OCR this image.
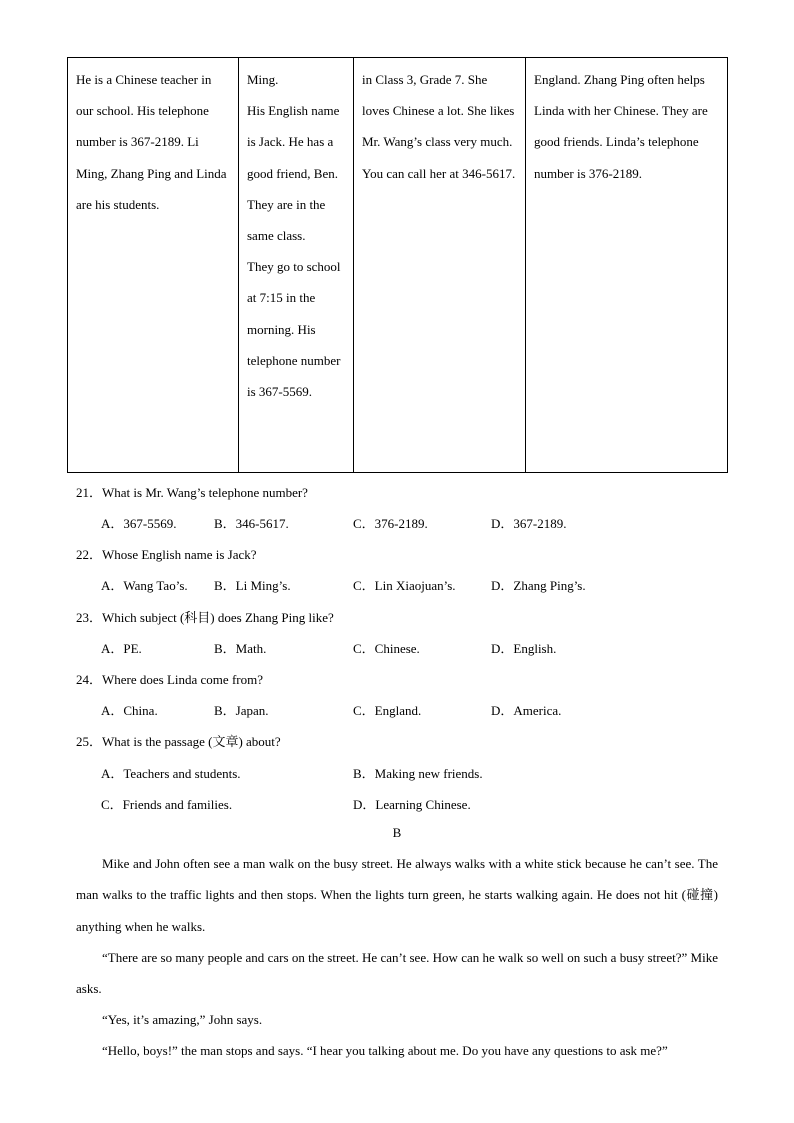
He is a Chinese teacher in our school. His telephone number is 367-2189. Li Ming, Zhang Ping and Linda are his students.

Ming.
His English name is Jack. He has a good friend, Ben. They are in the same class.
They go to school at 7:15 in the morning. His telephone number is 367-5569.

in Class 3, Grade 7. She loves Chinese a lot. She likes Mr. Wang’s class very much. You can call her at 346-5617.

England. Zhang Ping often helps Linda with her Chinese. They are good friends. Linda’s telephone number is 376-2189.
21．What is Mr. Wang’s telephone number?
A．367-5569.	B．346-5617.	C．376-2189.	D．367-2189.
22．Whose English name is Jack?
A．Wang Tao’s. B．Li Ming’s.	C．Lin Xiaojuan’s.	D．Zhang Ping’s.
23．Which subject (科目) does Zhang Ping like?
A．PE.	B．Math.	C．Chinese.	D．English.
24．Where does Linda come from?
A．China.	B．Japan.	C．England.	D．America.
25．What is the passage (文章) about?
A．Teachers and students.	B．Making new friends.
C．Friends and families.	D．Learning Chinese.
B
Mike and John often see a man walk on the busy street. He always walks with a white stick because he can’t see. The man walks to the traffic lights and then stops. When the lights turn green, he starts walking again. He does not hit (碰撞) anything when he walks.
“There are so many people and cars on the street. He can’t see. How can he walk so well on such a busy street?” Mike asks.
“Yes, it’s amazing,” John says.
“Hello, boys!” the man stops and says. “I hear you talking about me. Do you have any questions to ask me?”
